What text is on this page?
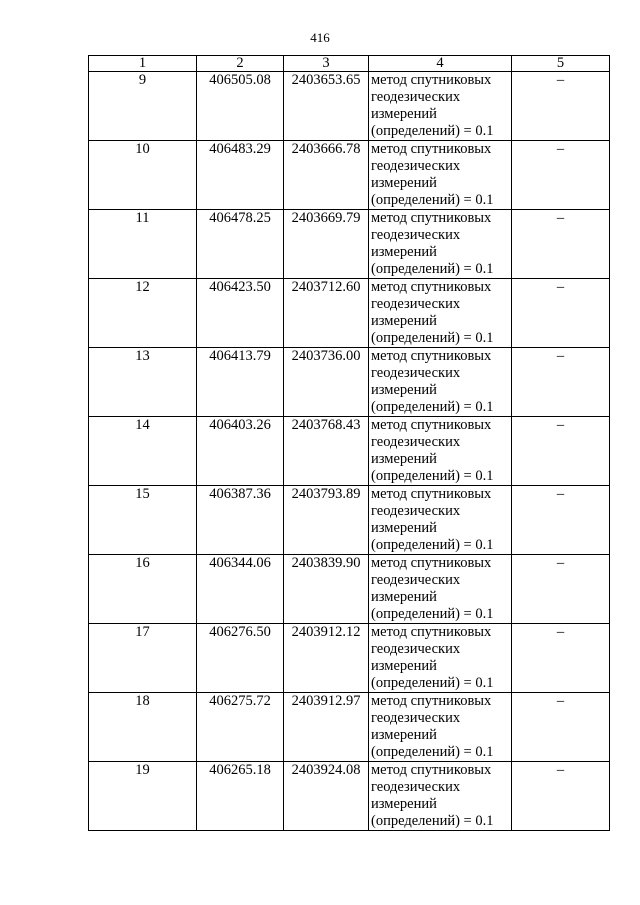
416
1	2	3	4	5
9	406505.08	2403653.65	метод спутниковых
геодезических
измерений
(определений) = 0.1	–
10	406483.29	2403666.78	метод спутниковых
геодезических
измерений
(определений) = 0.1	–
11	406478.25	2403669.79	метод спутниковых
геодезических
измерений
(определений) = 0.1	–
12	406423.50	2403712.60	метод спутниковых
геодезических
измерений
(определений) = 0.1	–
13	406413.79	2403736.00	метод спутниковых
геодезических
измерений
(определений) = 0.1	–
14	406403.26	2403768.43	метод спутниковых
геодезических
измерений
(определений) = 0.1	–
15	406387.36	2403793.89	метод спутниковых
геодезических
измерений
(определений) = 0.1	–
16	406344.06	2403839.90	метод спутниковых
геодезических
измерений
(определений) = 0.1	–
17	406276.50	2403912.12	метод спутниковых
геодезических
измерений
(определений) = 0.1	–
18	406275.72	2403912.97	метод спутниковых
геодезических
измерений
(определений) = 0.1	–
19	406265.18	2403924.08	метод спутниковых
геодезических
измерений
(определений) = 0.1	–
